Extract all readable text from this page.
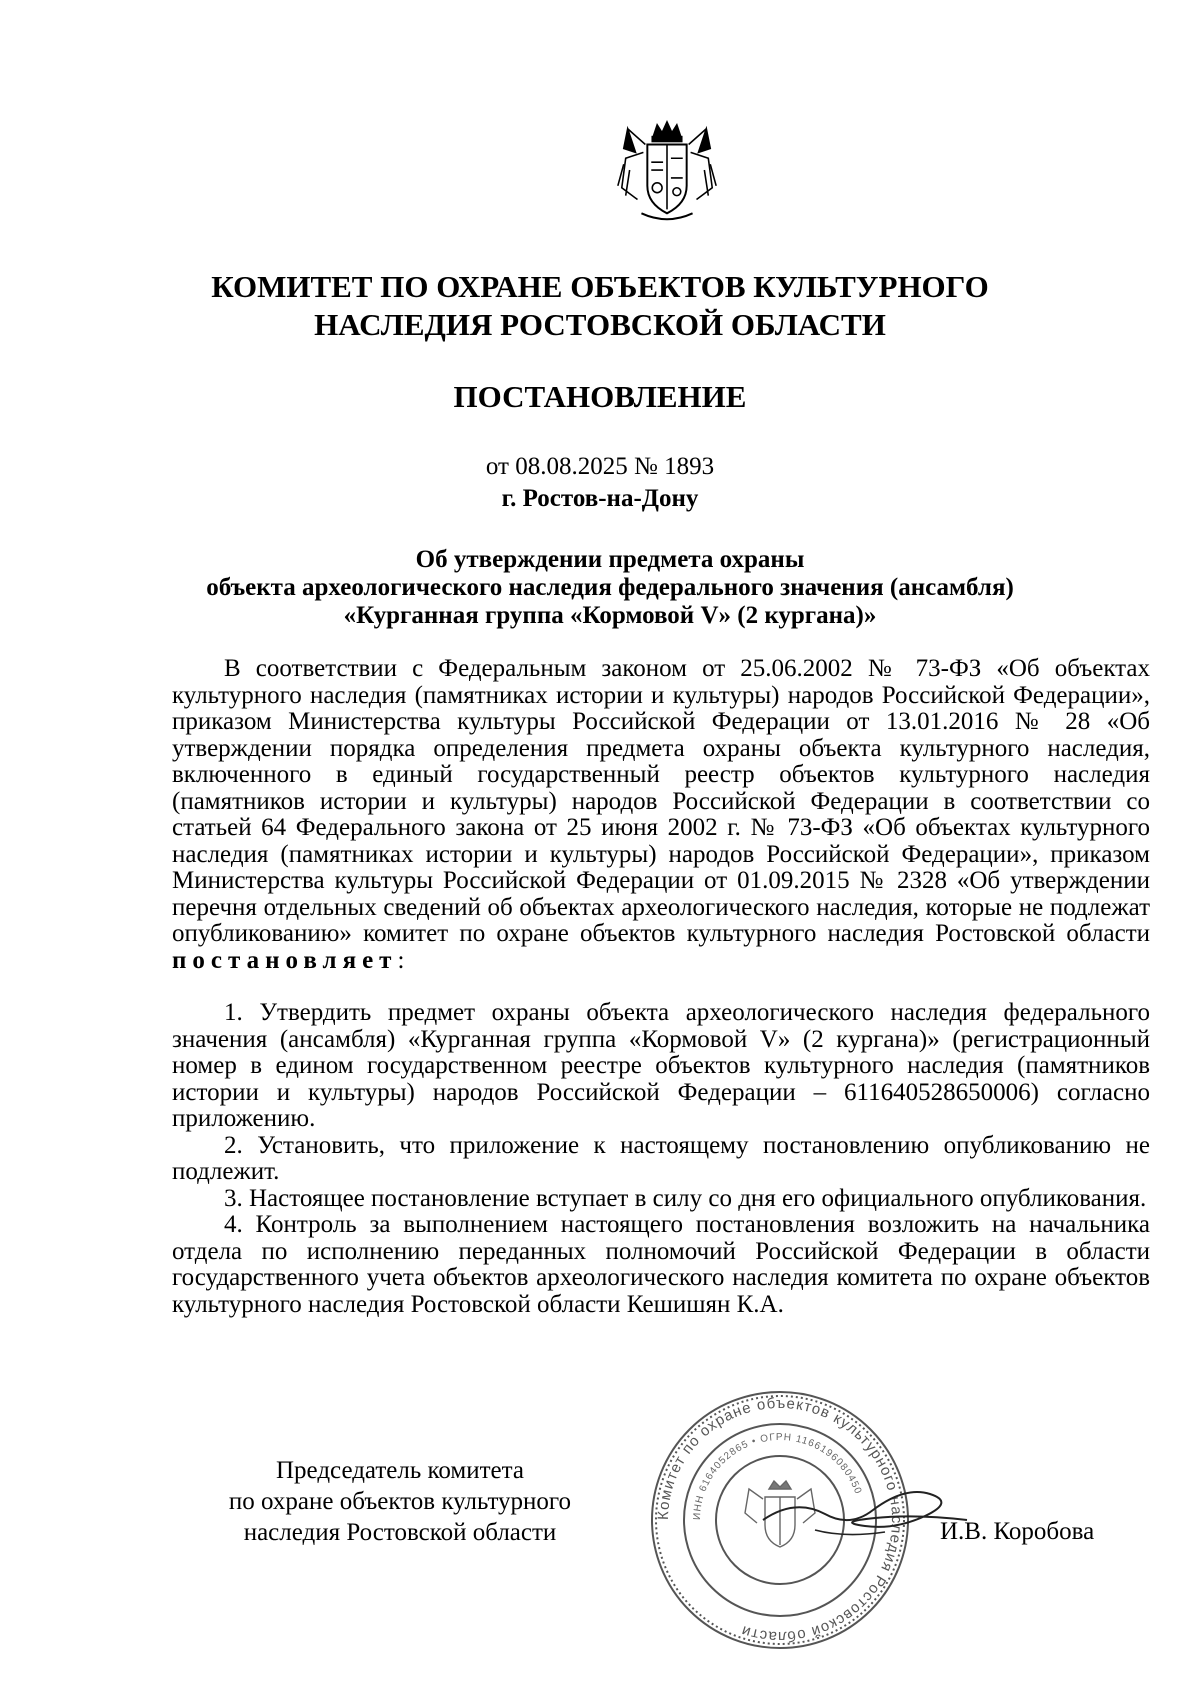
КОМИТЕТ ПО ОХРАНЕ ОБЪЕКТОВ КУЛЬТУРНОГО
НАСЛЕДИЯ РОСТОВСКОЙ ОБЛАСТИ
ПОСТАНОВЛЕНИЕ
от 08.08.2025 № 1893
г. Ростов-на-Дону
Об утверждении предмета охраны
объекта археологического наследия федерального значения (ансамбля)
«Курганная группа «Кормовой V» (2 кургана)»

В соответствии с Федеральным законом от 25.06.2002 № 73-ФЗ «Об объектах культурного наследия (памятниках истории и культуры) народов Российской Федерации», приказом Министерства культуры Российской Федерации от 13.01.2016 № 28 «Об утверждении порядка определения предмета охраны объекта культурного наследия, включенного в единый государственный реестр объектов культурного наследия (памятников истории и культуры) народов Российской Федерации в соответствии со статьей 64 Федерального закона от 25 июня 2002 г. № 73-ФЗ «Об объектах культурного наследия (памятниках истории и культуры) народов Российской Федерации», приказом Министерства культуры Российской Федерации от 01.09.2015 № 2328 «Об утверждении перечня отдельных сведений об объектах археологического наследия, которые не подлежат опубликованию» комитет по охране объектов культурного наследия Ростовской области постановляет:

1. Утвердить предмет охраны объекта археологического наследия федерального значения (ансамбля) «Курганная группа «Кормовой V» (2 кургана)» (регистрационный номер в едином государственном реестре объектов культурного наследия (памятников истории и культуры) народов Российской Федерации – 611640528650006) согласно приложению.

2. Установить, что приложение к настоящему постановлению опубликованию не подлежит.

3. Настоящее постановление вступает в силу со дня его официального опубликования.

4. Контроль за выполнением настоящего постановления возложить на начальника отдела по исполнению переданных полномочий Российской Федерации в области государственного учета объектов археологического наследия комитета по охране объектов культурного наследия Ростовской области Кешишян К.А.

Комитет по охране объектов культурного наследия Ростовской области
ИНН 6164052865 • ОГРН 1166196080450
Председатель комитета
по охране объектов культурного
наследия Ростовской области	И.В. Коробова
